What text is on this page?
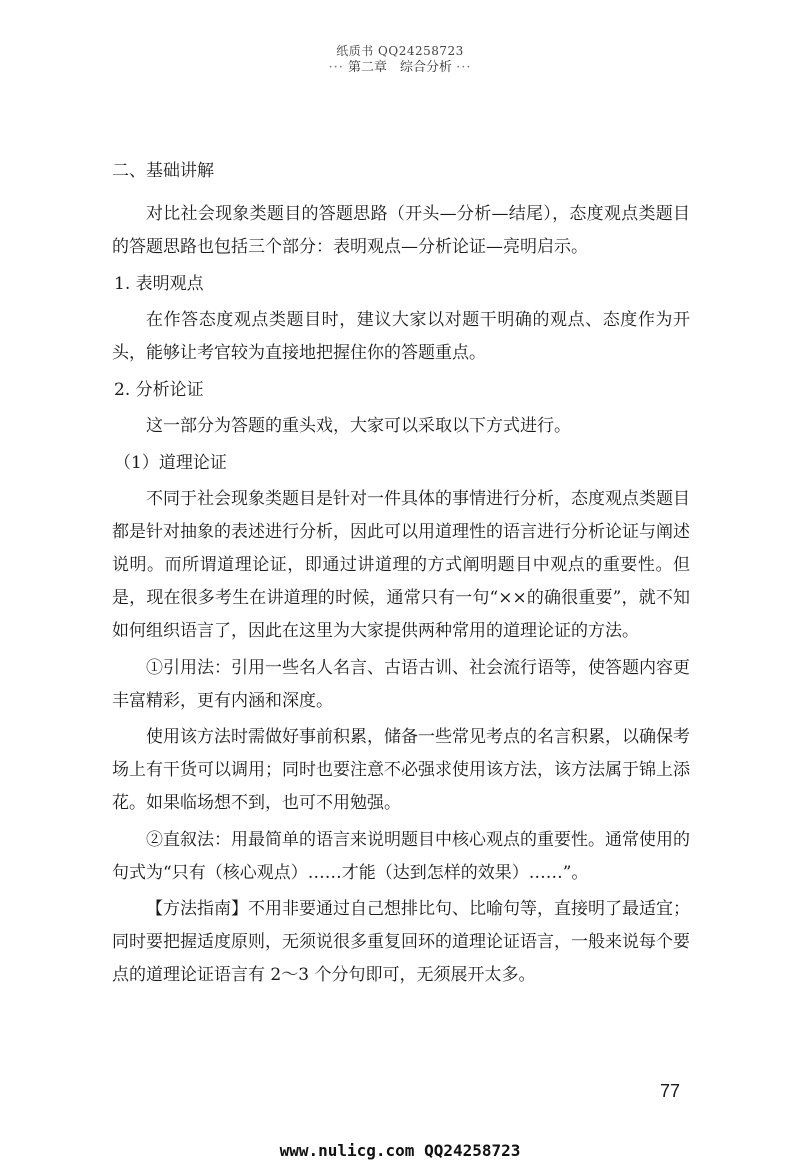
纸质书 QQ24258723
··· 第二章　综合分析 ···
二、基础讲解

对比社会现象类题目的答题思路（开头—分析—结尾），态度观点类题目的答题思路也包括三个部分：表明观点—分析论证—亮明启示。

1. 表明观点

在作答态度观点类题目时，建议大家以对题干明确的观点、态度作为开头，能够让考官较为直接地把握住你的答题重点。

2. 分析论证

这一部分为答题的重头戏，大家可以采取以下方式进行。

（1）道理论证

不同于社会现象类题目是针对一件具体的事情进行分析，态度观点类题目都是针对抽象的表述进行分析，因此可以用道理性的语言进行分析论证与阐述说明。而所谓道理论证，即通过讲道理的方式阐明题目中观点的重要性。但是，现在很多考生在讲道理的时候，通常只有一句“××的确很重要”，就不知如何组织语言了，因此在这里为大家提供两种常用的道理论证的方法。

①引用法：引用一些名人名言、古语古训、社会流行语等，使答题内容更丰富精彩，更有内涵和深度。

使用该方法时需做好事前积累，储备一些常见考点的名言积累，以确保考场上有干货可以调用；同时也要注意不必强求使用该方法，该方法属于锦上添花。如果临场想不到，也可不用勉强。

②直叙法：用最简单的语言来说明题目中核心观点的重要性。通常使用的句式为“只有（核心观点）……才能（达到怎样的效果）……”。

【方法指南】不用非要通过自己想排比句、比喻句等，直接明了最适宜；同时要把握适度原则，无须说很多重复回环的道理论证语言，一般来说每个要点的道理论证语言有 2～3 个分句即可，无须展开太多。

77
www.nulicg.com QQ24258723
